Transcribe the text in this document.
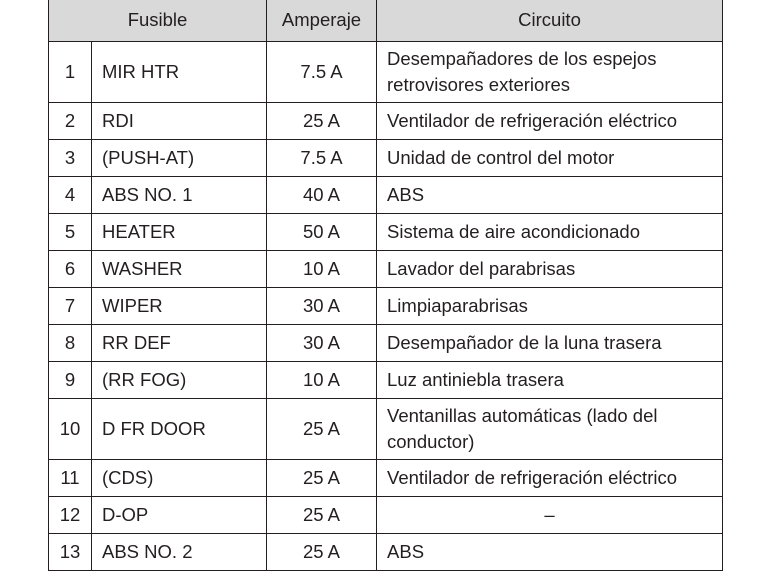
Fusible		Amperaje	Circuito
1	MIR HTR	7.5 A	Desempañadores de los espejos retrovisores exteriores
2	RDI	25 A	Ventilador de refrigeración eléctrico
3	(PUSH-AT)	7.5 A	Unidad de control del motor
4	ABS NO. 1	40 A	ABS
5	HEATER	50 A	Sistema de aire acondicionado
6	WASHER	10 A	Lavador del parabrisas
7	WIPER	30 A	Limpiaparabrisas
8	RR DEF	30 A	Desempañador de la luna trasera
9	(RR FOG)	10 A	Luz antiniebla trasera
10	D FR DOOR	25 A	Ventanillas automáticas (lado del conductor)
11	(CDS)	25 A	Ventilador de refrigeración eléctrico
12	D-OP	25 A	–
13	ABS NO. 2	25 A	ABS
